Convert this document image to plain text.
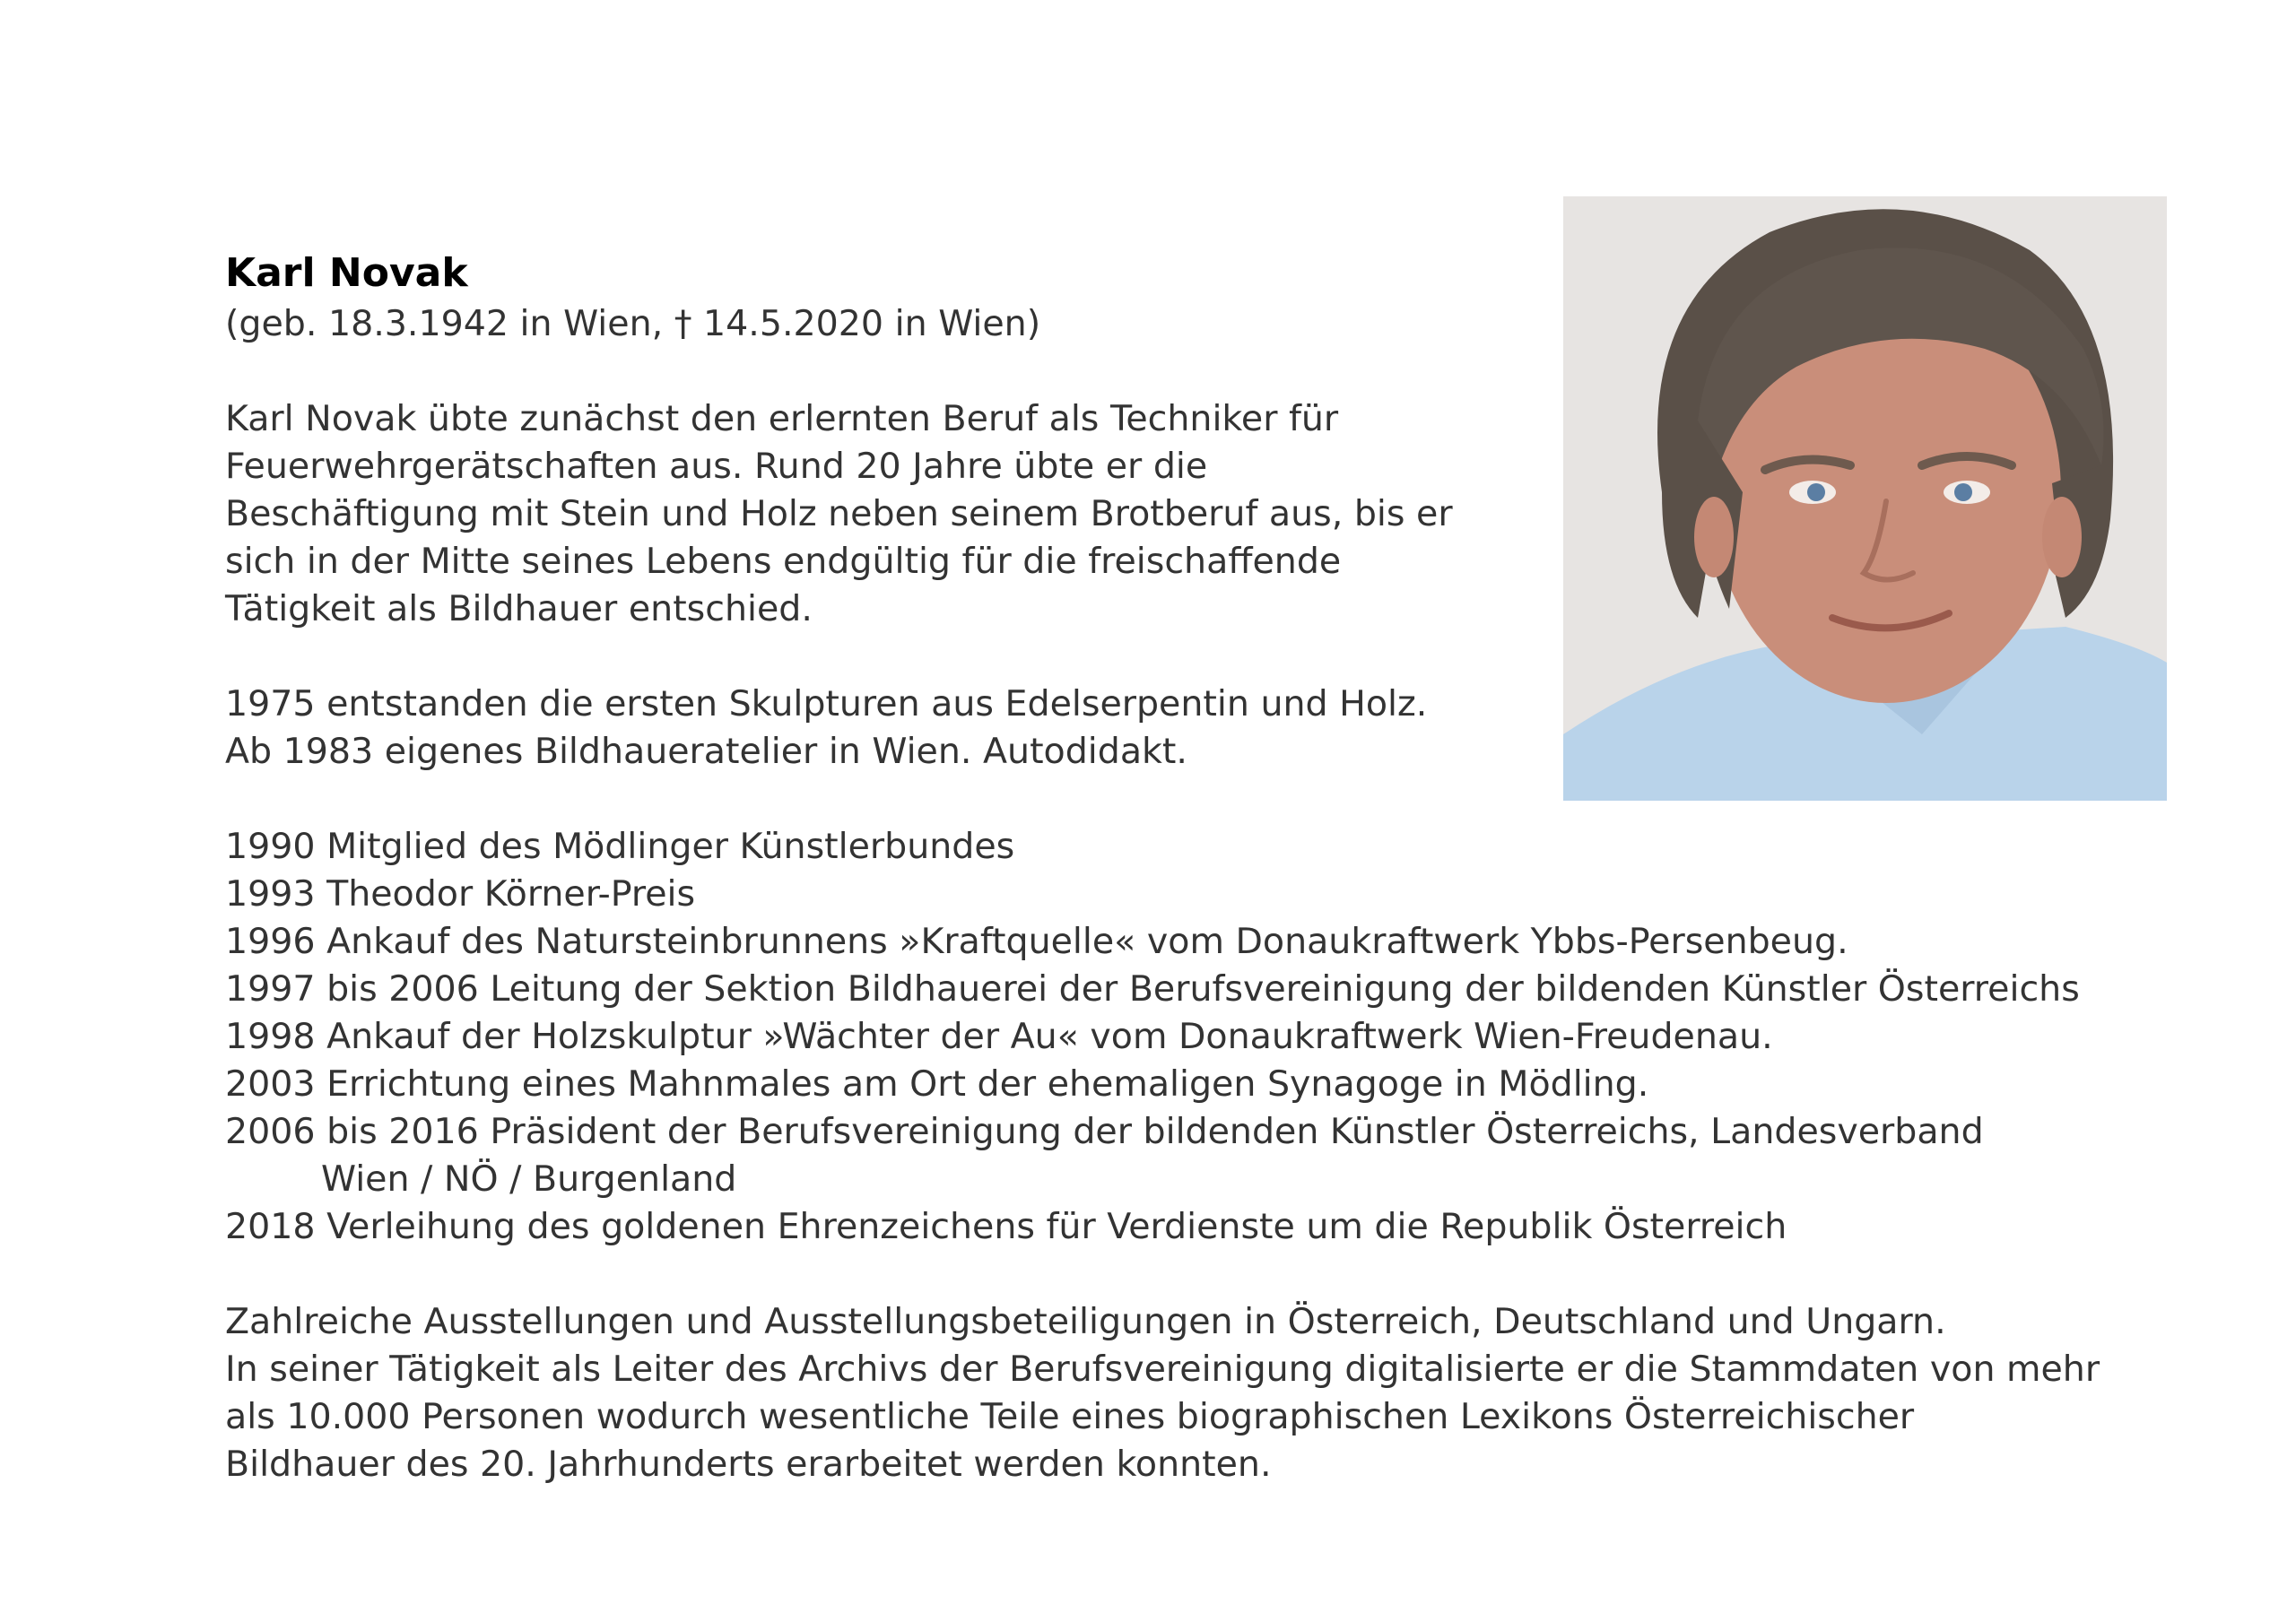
Karl Novak
(geb. 18.3.1942 in Wien, † 14.5.2020 in Wien)

Karl Novak übte zunächst den erlernten Beruf als Techniker für

Feuerwehrgerätschaften aus. Rund 20 Jahre übte er die

Beschäftigung mit Stein und Holz neben seinem Brotberuf aus, bis er

sich in der Mitte seines Lebens endgültig für die freischaffende

Tätigkeit als Bildhauer entschied.

1975 entstanden die ersten Skulpturen aus Edelserpentin und Holz.

Ab 1983 eigenes Bildhaueratelier in Wien. Autodidakt.

1990 Mitglied des Mödlinger Künstlerbundes

1993 Theodor Körner-Preis

1996 Ankauf des Natursteinbrunnens »Kraftquelle« vom Donaukraftwerk Ybbs-Persenbeug.

1997 bis 2006 Leitung der Sektion Bildhauerei der Berufsvereinigung der bildenden Künstler Österreichs

1998 Ankauf der Holzskulptur »Wächter der Au« vom Donaukraftwerk Wien-Freudenau.

2003 Errichtung eines Mahnmales am Ort der ehemaligen Synagoge in Mödling.

2006 bis 2016 Präsident der Berufsvereinigung der bildenden Künstler Österreichs, Landesverband

Wien / NÖ / Burgenland

2018 Verleihung des goldenen Ehrenzeichens für Verdienste um die Republik Österreich

Zahlreiche Ausstellungen und Ausstellungsbeteiligungen in Österreich, Deutschland und Ungarn.

In seiner Tätigkeit als Leiter des Archivs der Berufsvereinigung digitalisierte er die Stammdaten von mehr

als 10.000 Personen wodurch wesentliche Teile eines biographischen Lexikons Österreichischer

Bildhauer des 20. Jahrhunderts erarbeitet werden konnten.
